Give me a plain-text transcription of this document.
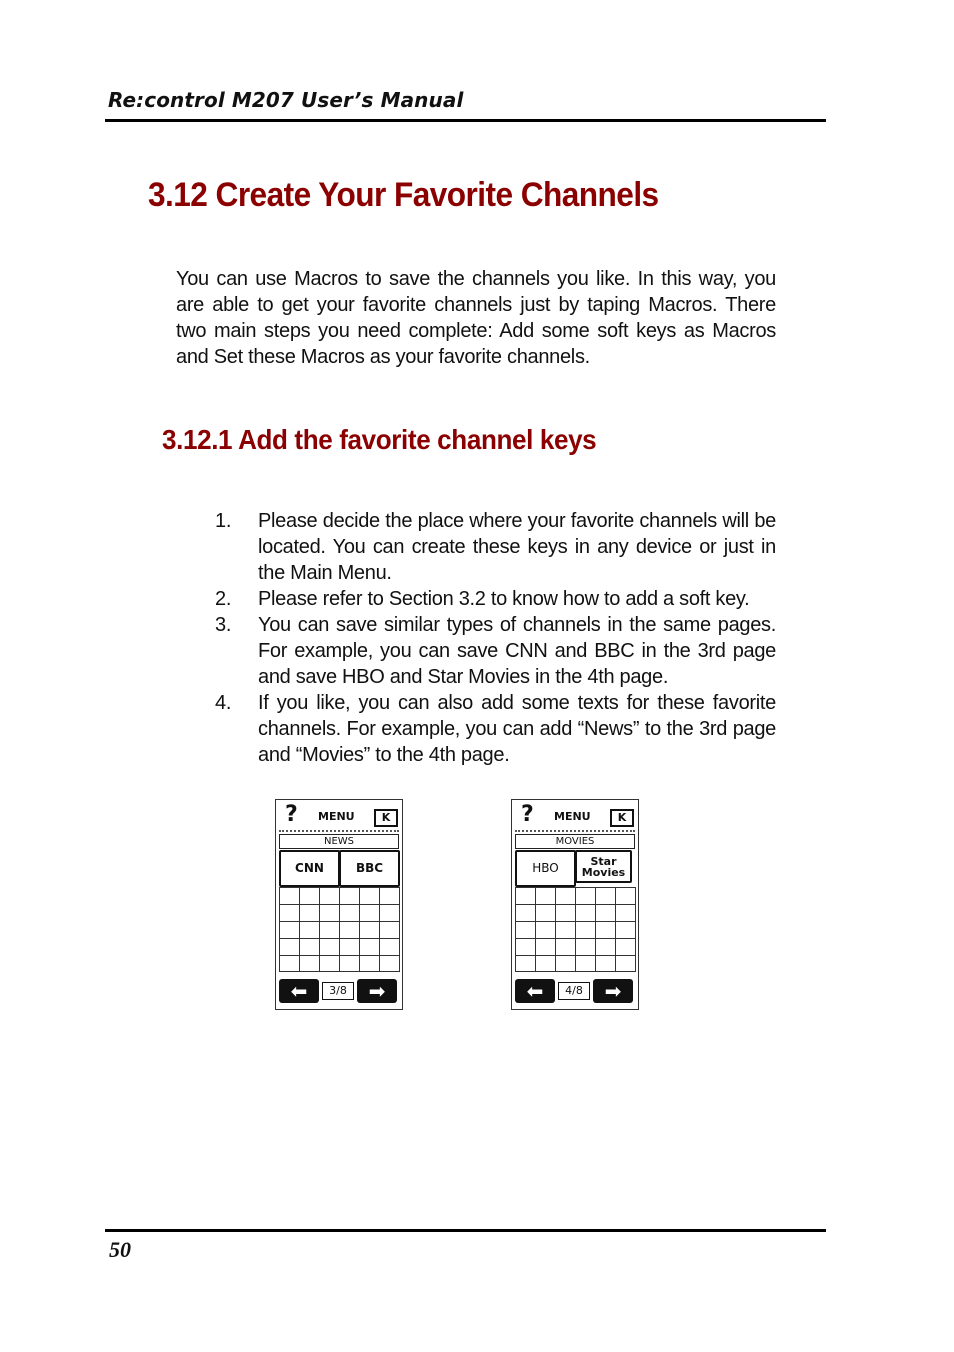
Re:control M207 User’s Manual
3.12 Create Your Favorite Channels

You can use Macros to save the channels you like. In this way, you are able to get your favorite channels just by taping Macros. There two main steps you need complete: Add some soft keys as Macros and Set these Macros as your favorite channels.

3.12.1 Add the favorite channel keys
1.	Please decide the place where your favorite channels will be located. You can create these keys in any device or just in the Main Menu.
2.	Please refer to Section 3.2 to know how to add a soft key.
3.	You can save similar types of channels in the same pages. For example, you can save CNN and BBC in the 3rd page and save HBO and Star Movies in the 4th page.
4.	If you like, you can also add some texts for these favorite channels. For example, you can add “News” to the 3rd page and “Movies” to the 4th page.
? MENU	K
NEWS
CNN	BBC
⬅	3/8	➡
? MENU	K
MOVIES
HBO	Star Movies
⬅	4/8	➡
50
